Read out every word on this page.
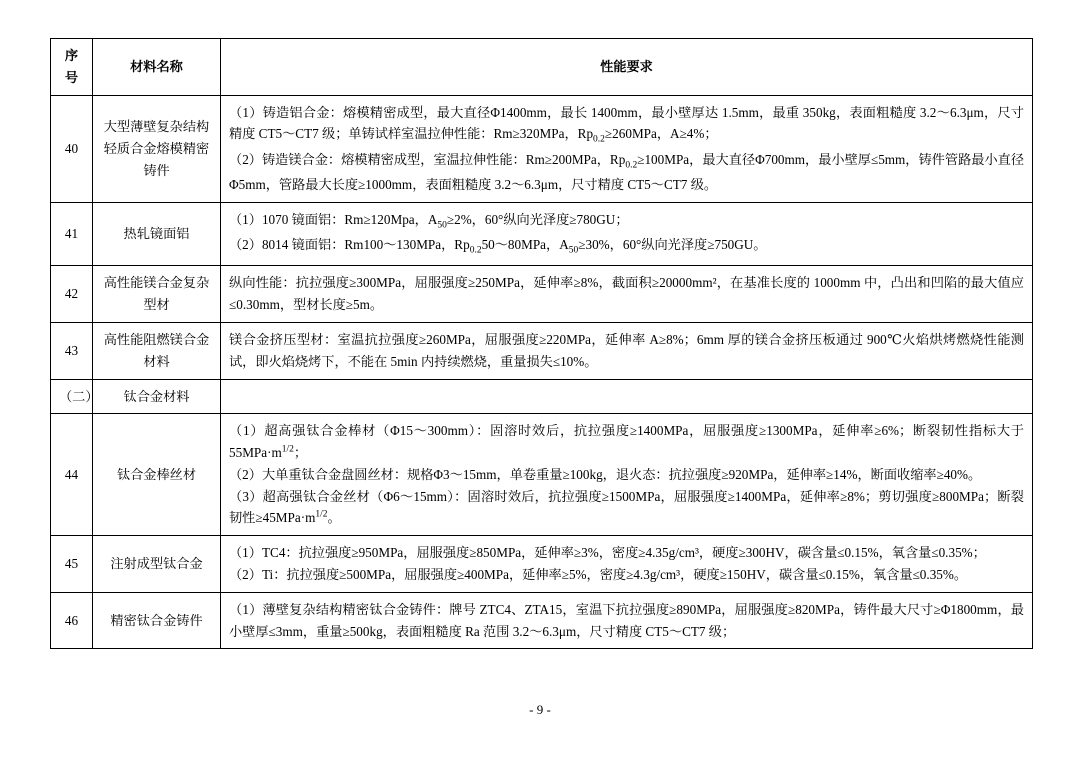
序号	材料名称	性能要求
40	大型薄壁复杂结构轻质合金熔模精密铸件	（1）铸造铝合金：熔模精密成型，最大直径Φ1400mm，最长 1400mm，最小壁厚达 1.5mm，最重 350kg，表面粗糙度 3.2～6.3μm，尺寸精度 CT5～CT7 级；单铸试样室温拉伸性能：Rm≥320MPa，$Rp_{0.2}\ge 260MPa$，A≥4%；

（2）铸造镁合金：熔模精密成型，室温拉伸性能：Rm≥200MPa，$Rp_{0.2}\ge 100MPa$，最大直径Φ700mm，最小壁厚≤5mm，铸件管路最小直径Φ5mm，管路最大长度≥1000mm，表面粗糙度 3.2～6.3μm，尺寸精度 CT5～CT7 级。

41	热轧镜面铝	（1）1070 镜面铝：Rm≥120Mpa，$A_{50}\ge 2\%$，60°纵向光泽度≥780GU；

（2）8014 镜面铝：Rm100～130MPa，$Rp_{0.2}50\sim 80MPa$，$A_{50}\ge 30\%$，60°纵向光泽度≥750GU。

42	高性能镁合金复杂型材	纵向性能：抗拉强度≥300MPa，屈服强度≥250MPa，延伸率≥8%，截面积≥20000mm²，在基准长度的 1000mm 中，凸出和凹陷的最大值应≤0.30mm，型材长度≥5m。

43	高性能阻燃镁合金材料	镁合金挤压型材：室温抗拉强度≥260MPa，屈服强度≥220MPa，延伸率 A≥8%；6mm 厚的镁合金挤压板通过 900℃火焰烘烤燃烧性能测试，即火焰烧烤下，不能在 5min 内持续燃烧，重量损失≤10%。

（二）	钛合金材料	
44	钛合金棒丝材	（1）超高强钛合金棒材（Φ15～300mm）：固溶时效后，抗拉强度≥1400MPa，屈服强度≥1300MPa，延伸率≥6%；断裂韧性指标大于 $55MPa\cdot m^{1/2}$；

（2）大单重钛合金盘圆丝材：规格Φ3～15mm，单卷重量≥100kg，退火态：抗拉强度≥920MPa，延伸率≥14%，断面收缩率≥40%。

（3）超高强钛合金丝材（Φ6～15mm）：固溶时效后，抗拉强度≥1500MPa，屈服强度≥1400MPa，延伸率≥8%；剪切强度≥800MPa；断裂韧性$\ge 45MPa\cdot m^{1/2}$。

45	注射成型钛合金	（1）TC4：抗拉强度≥950MPa，屈服强度≥850MPa，延伸率≥3%，密度≥4.35g/cm³，硬度≥300HV，碳含量≤0.15%，氧含量≤0.35%；

（2）Ti：抗拉强度≥500MPa，屈服强度≥400MPa，延伸率≥5%，密度≥4.3g/cm³，硬度≥150HV，碳含量≤0.15%，氧含量≤0.35%。

46	精密钛合金铸件	（1）薄壁复杂结构精密钛合金铸件：牌号 ZTC4、ZTA15，室温下抗拉强度≥890MPa，屈服强度≥820MPa，铸件最大尺寸≥Φ1800mm，最小壁厚≤3mm，重量≥500kg，表面粗糙度 Ra 范围 3.2～6.3μm，尺寸精度 CT5～CT7 级；

- 9 -
